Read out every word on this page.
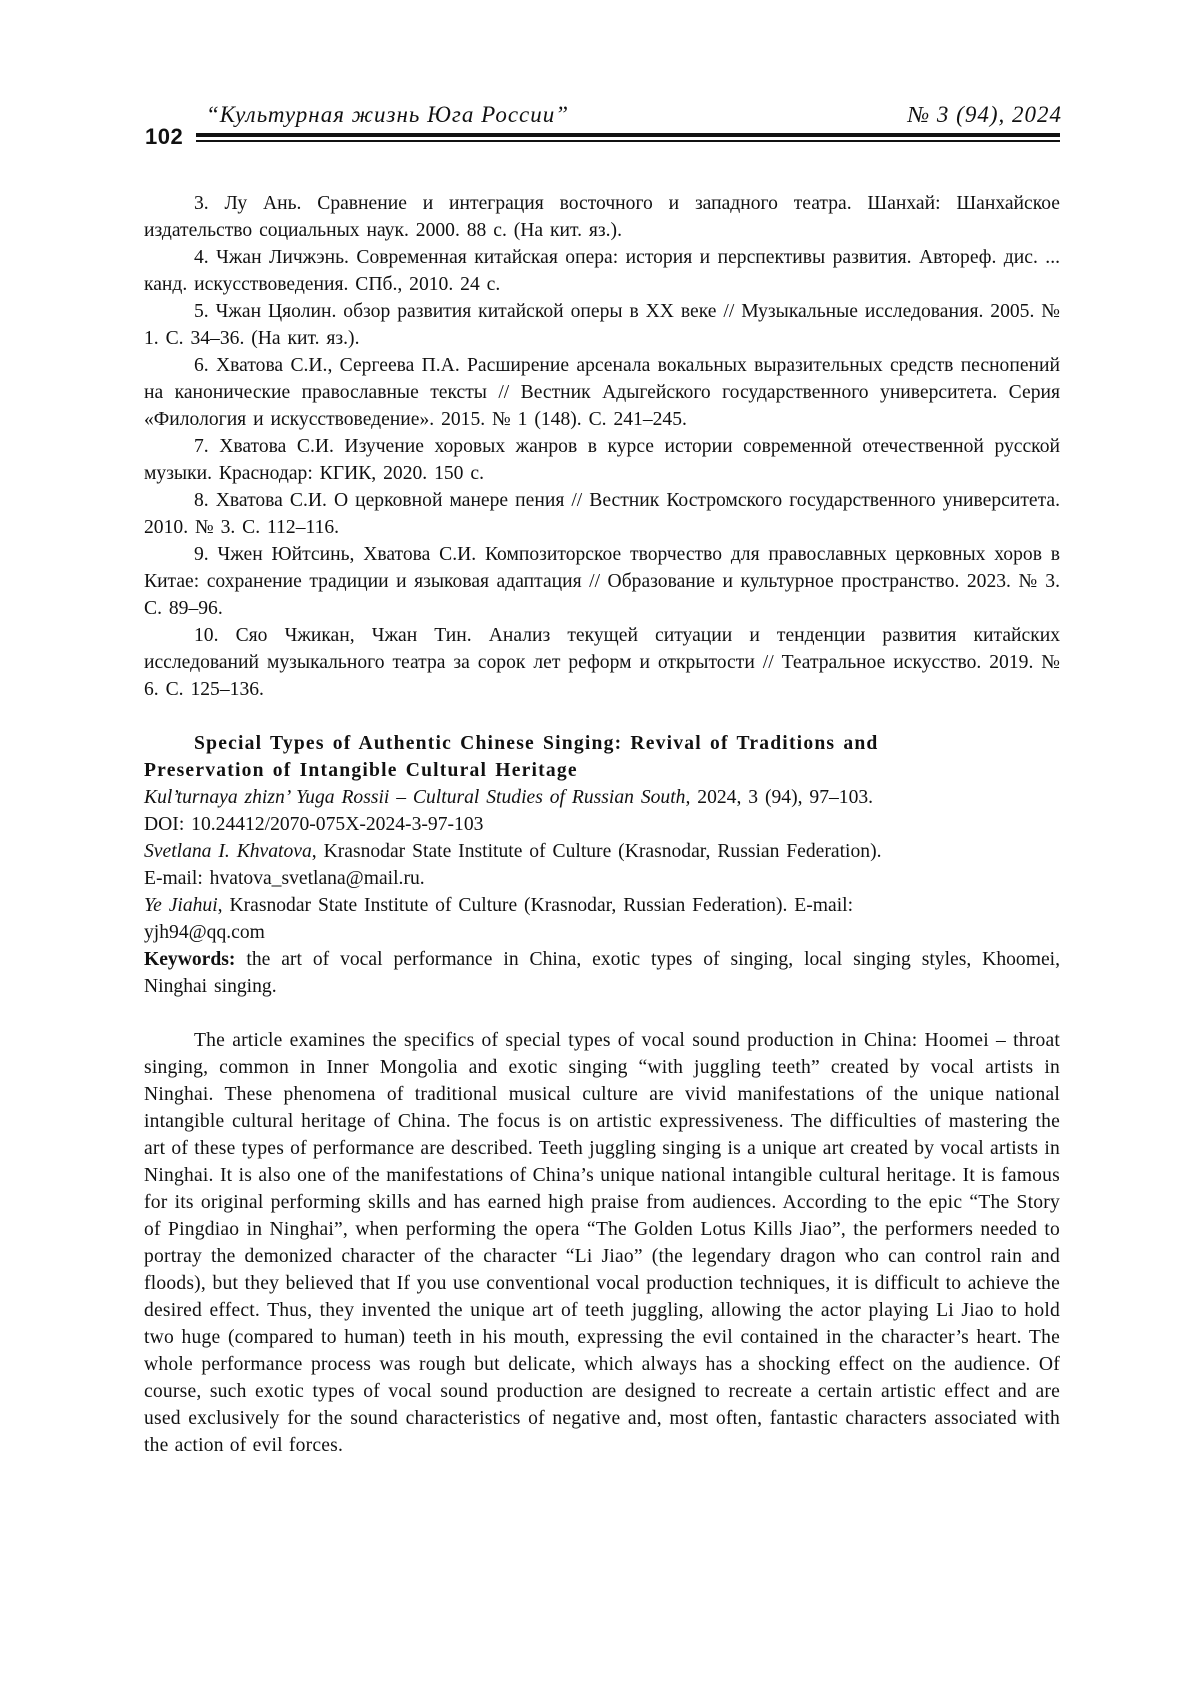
“Культурная жизнь Юга России”	№ 3 (94), 2024
102

3. Лу Ань. Сравнение и интеграция восточного и западного театра. Шанхай: Шанхайское издательство социальных наук. 2000. 88 с. (На кит. яз.).

4. Чжан Личжэнь. Современная китайская опера: история и перспективы развития. Автореф. дис. ... канд. искусствоведения. СПб., 2010. 24 с.

5. Чжан Цяолин. обзор развития китайской оперы в XX веке // Музыкальные исследования. 2005. № 1. С. 34–36. (На кит. яз.).

6. Хватова С.И., Сергеева П.А. Расширение арсенала вокальных выразительных средств песнопений на канонические православные тексты // Вестник Адыгейского государственного университета. Серия «Филология и искусствоведение». 2015. № 1 (148). С. 241–245.

7. Хватова С.И. Изучение хоровых жанров в курсе истории современной отечественной русской музыки. Краснодар: КГИК, 2020. 150 с.

8. Хватова С.И. О церковной манере пения // Вестник Костромского государственного университета. 2010. № 3. С. 112–116.

9. Чжен Юйтсинь, Хватова С.И. Композиторское творчество для православных церковных хоров в Китае: сохранение традиции и языковая адаптация // Образование и культурное пространство. 2023. № 3. С. 89–96.

10. Сяо Чжикан, Чжан Тин. Анализ текущей ситуации и тенденции развития китайских исследований музыкального театра за сорок лет реформ и открытости // Театральное искусство. 2019. № 6. С. 125–136.

Special Types of Authentic Chinese Singing: Revival of Traditions and
Preservation of Intangible Cultural Heritage

Kul’turnaya zhizn’ Yuga Rossii – Cultural Studies of Russian South, 2024, 3 (94), 97–103.

DOI: 10.24412/2070-075X-2024-3-97-103

Svetlana I. Khvatova, Krasnodar State Institute of Culture (Krasnodar, Russian Federation).
E-mail: hvatova_svetlana@mail.ru.

Ye Jiahui, Krasnodar State Institute of Culture (Krasnodar, Russian Federation). E-mail:
yjh94@qq.com

Keywords: the art of vocal performance in China, exotic types of singing, local singing styles, Khoomei, Ninghai singing.

The article examines the specifics of special types of vocal sound production in China: Hoomei – throat singing, common in Inner Mongolia and exotic singing “with juggling teeth” created by vocal artists in Ninghai. These phenomena of traditional musical culture are vivid manifestations of the unique national intangible cultural heritage of China. The focus is on artistic expressiveness. The difficulties of mastering the art of these types of performance are described. Teeth juggling singing is a unique art created by vocal artists in Ninghai. It is also one of the manifestations of China’s unique national intangible cultural heritage. It is famous for its original performing skills and has earned high praise from audiences. According to the epic “The Story of Pingdiao in Ninghai”, when performing the opera “The Golden Lotus Kills Jiao”, the performers needed to portray the demonized character of the character “Li Jiao” (the legendary dragon who can control rain and floods), but they believed that If you use conventional vocal production techniques, it is difficult to achieve the desired effect. Thus, they invented the unique art of teeth juggling, allowing the actor playing Li Jiao to hold two huge (compared to human) teeth in his mouth, expressing the evil contained in the character’s heart. The whole performance process was rough but delicate, which always has a shocking effect on the audience. Of course, such exotic types of vocal sound production are designed to recreate a certain artistic effect and are used exclusively for the sound characteristics of negative and, most often, fantastic characters associated with the action of evil forces.
